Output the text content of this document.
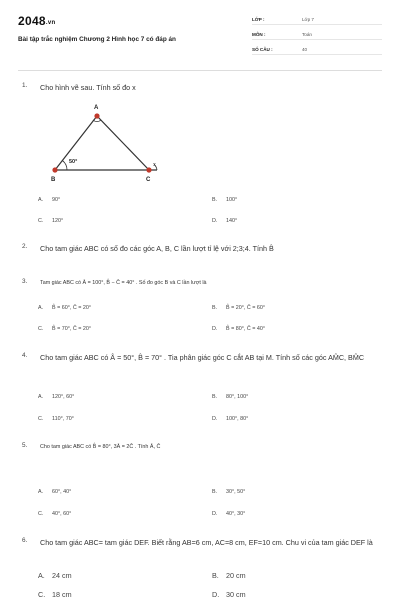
2048.vn
Bài tập trắc nghiệm Chương 2 Hình học 7 có đáp án
LỚP :	Lớp 7
MÔN :	Toán
SỐ CÂU :	40
1. Cho hình vẽ sau. Tính số đo x
A
B	C
50°	x
A. 90°	B. 100°
C. 120°	D. 140°
2. Cho tam giác ABC có số đo các góc A, B, C lần lượt tỉ lệ với 2;3;4. Tính B̂
3. Tam giác ABC có Â = 100°, B̂ − Ĉ = 40° . Số đo góc B và C lần lượt là
A. B̂ = 60°, Ĉ = 20°	B. B̂ = 20°, Ĉ = 60°
C. B̂ = 70°, Ĉ = 20°	D. B̂ = 80°, Ĉ = 40°
4. Cho tam giác ABC có Â = 50°, B̂ = 70° . Tia phân giác góc C cắt AB tại M. Tính số các góc AM̂C, BM̂C
A. 120°, 60°	B. 80°, 100°
C. 110°, 70°	D. 100°, 80°
5. Cho tam giác ABC có B̂ = 80°, 3Â = 2Ĉ . Tính Â, Ĉ
A. 60°, 40°	B. 30°, 50°
C. 40°, 60°	D. 40°, 30°
6. Cho tam giác ABC= tam giác DEF. Biết rằng AB=6 cm, AC=8 cm, EF=10 cm. Chu vi của tam giác DEF là
A. 24 cm	B. 20 cm
C. 18 cm	D. 30 cm
